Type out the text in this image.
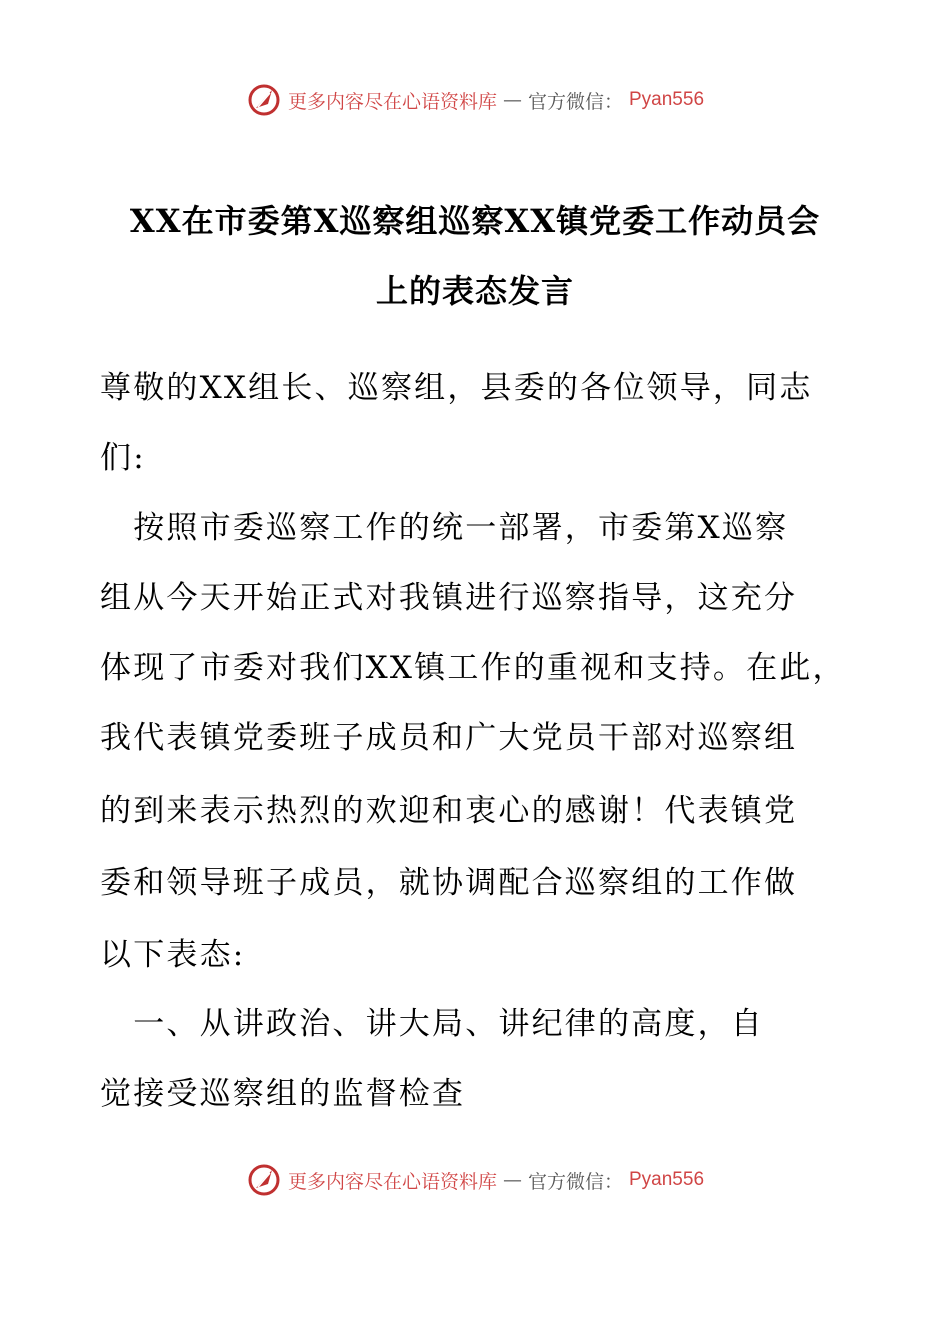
更多内容尽在心语资料库 — 官方微信： Pyan556
XX在市委第X巡察组巡察XX镇党委工作动员会
上的表态发言
尊敬的XX组长、巡察组，县委的各位领导，同志
们:
　按照市委巡察工作的统一部署，市委第X巡察
组从今天开始正式对我镇进行巡察指导，这充分
体现了市委对我们XX镇工作的重视和支持。在此，
我代表镇党委班子成员和广大党员干部对巡察组
的到来表示热烈的欢迎和衷心的感谢！代表镇党
委和领导班子成员，就协调配合巡察组的工作做
以下表态:
　一、从讲政治、讲大局、讲纪律的高度，自
觉接受巡察组的监督检查
更多内容尽在心语资料库 — 官方微信： Pyan556
